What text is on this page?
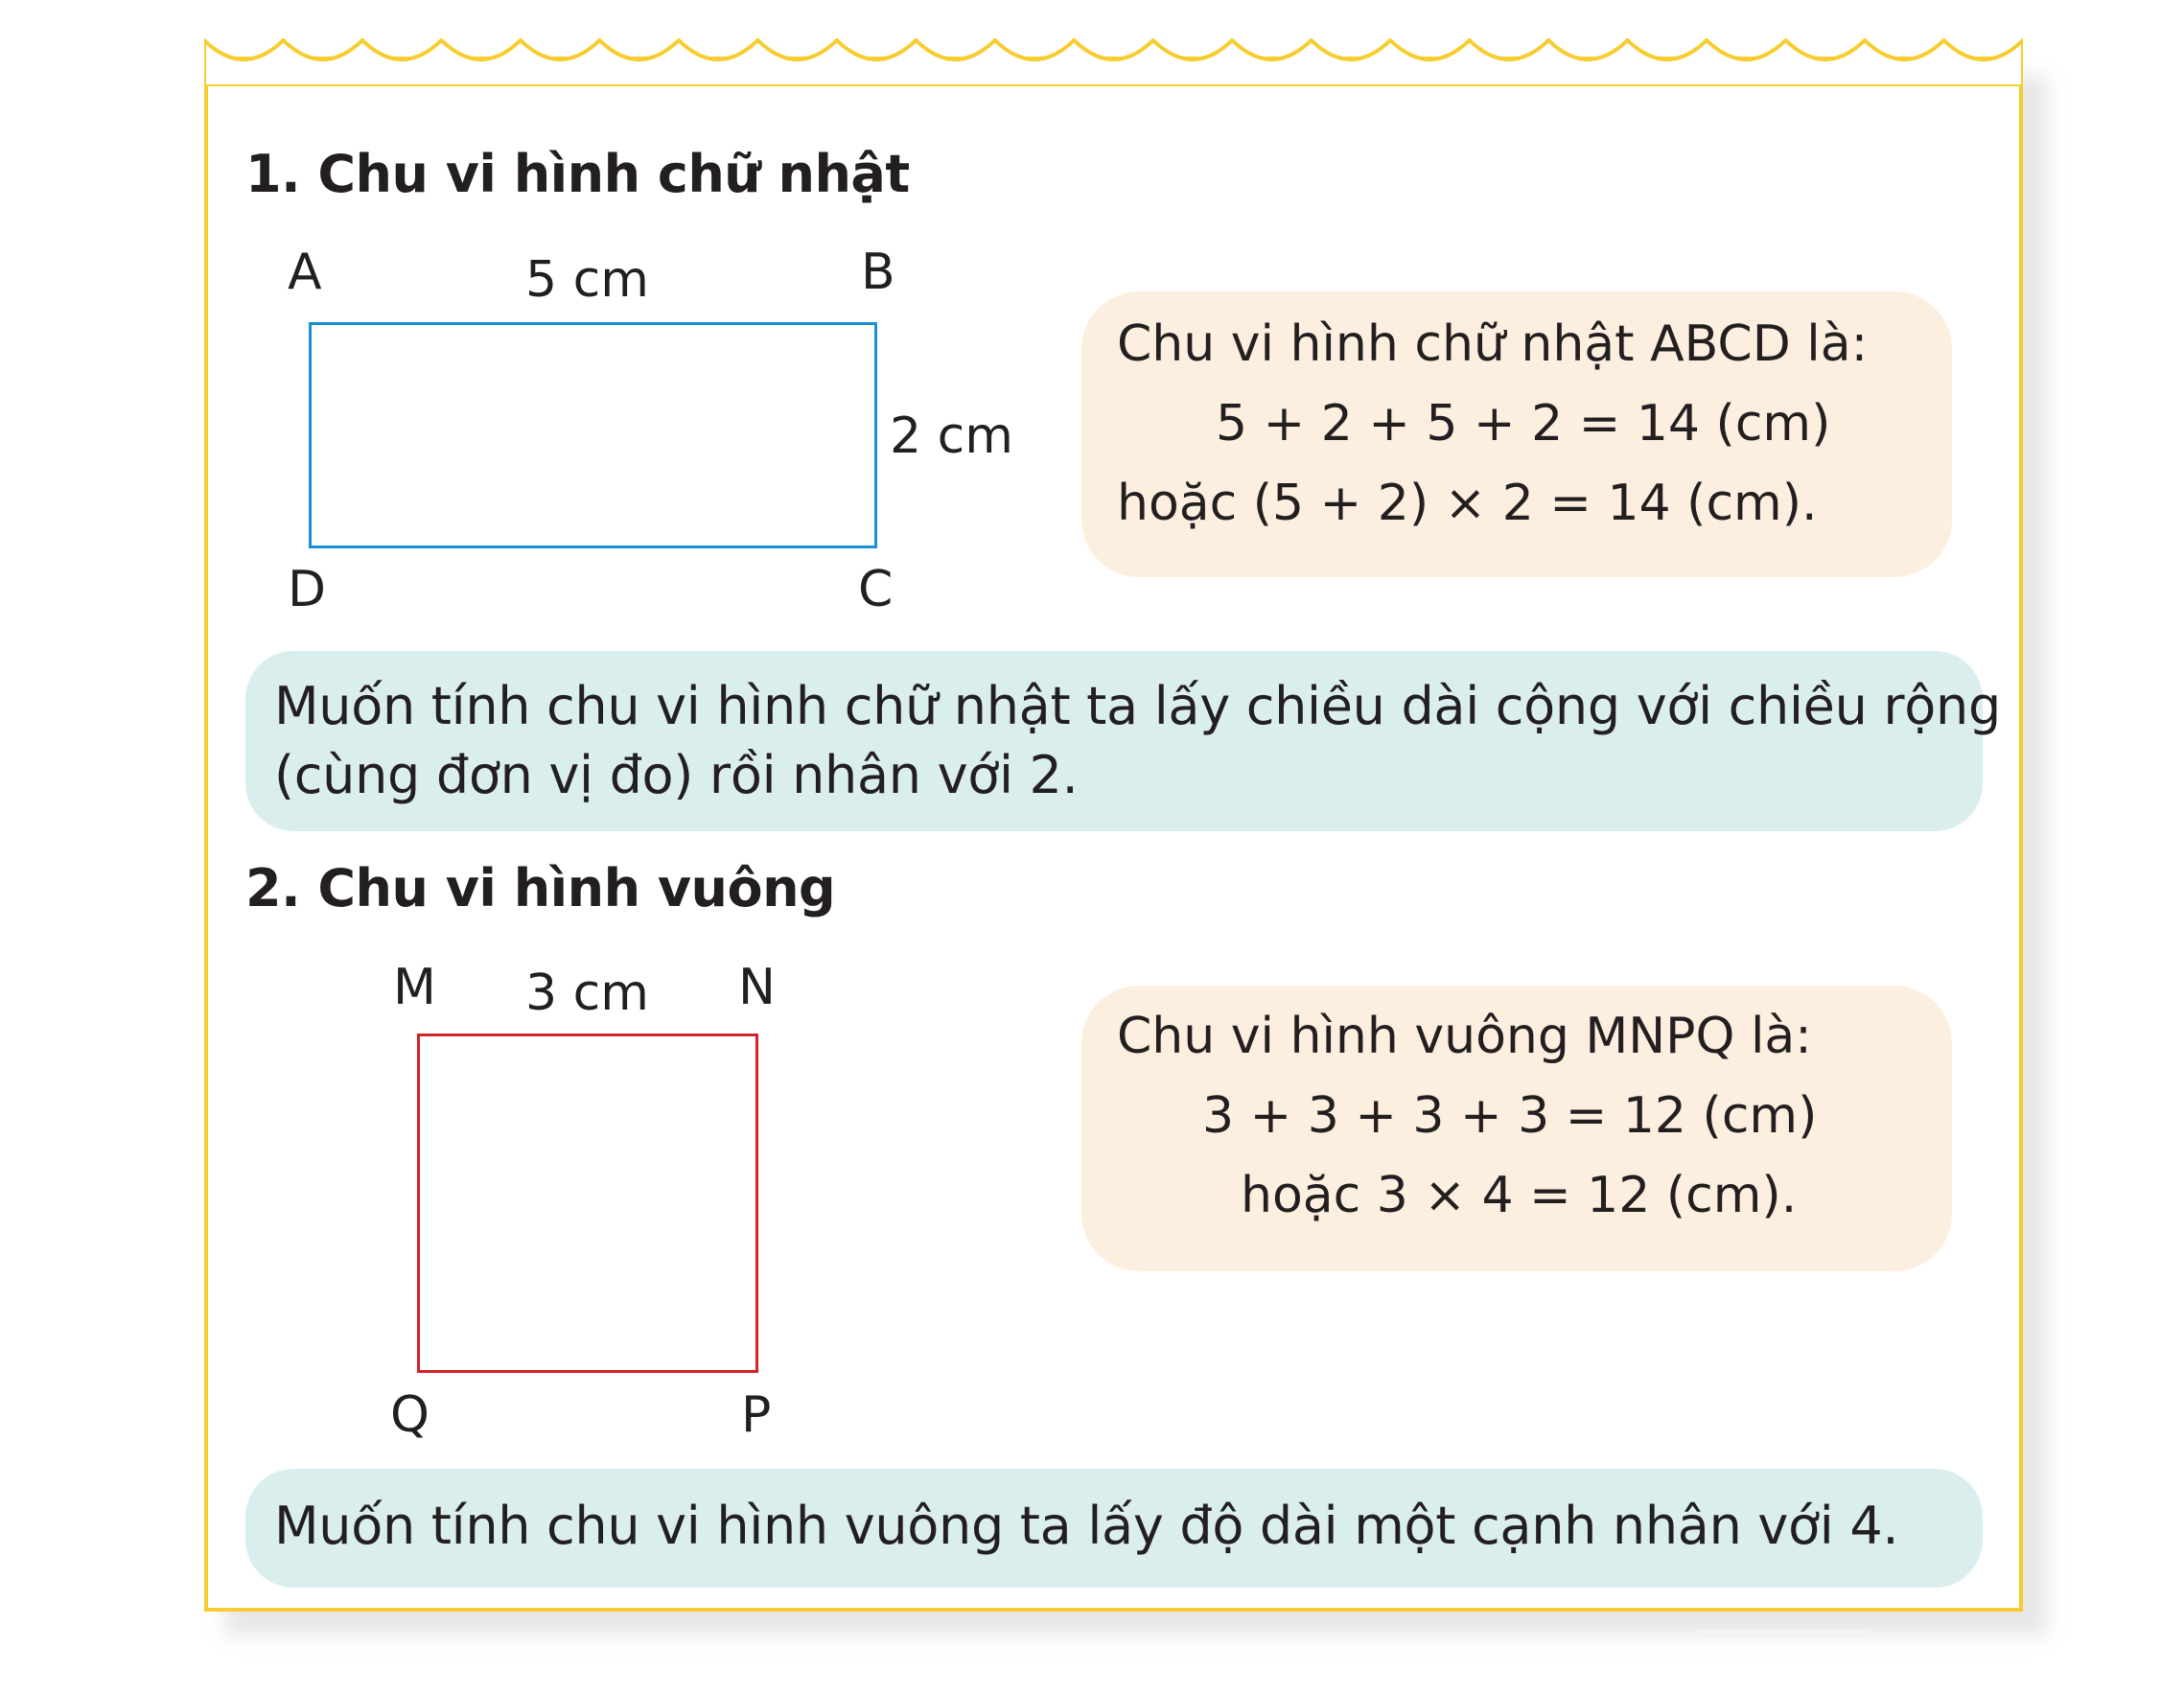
1. Chu vi hình chữ nhật
A	B
D	C
5 cm
2 cm
Chu vi hình chữ nhật ABCD là:
5 + 2 + 5 + 2 = 14 (cm)
hoặc (5 + 2) × 2 = 14 (cm).
Muốn tính chu vi hình chữ nhật ta lấy chiều dài cộng với chiều rộng
(cùng đơn vị đo) rồi nhân với 2.
2. Chu vi hình vuông
M	N
Q	P
3 cm
Chu vi hình vuông MNPQ là:
3 + 3 + 3 + 3 = 12 (cm)
hoặc 3 × 4 = 12 (cm).
Muốn tính chu vi hình vuông ta lấy độ dài một cạnh nhân với 4.
